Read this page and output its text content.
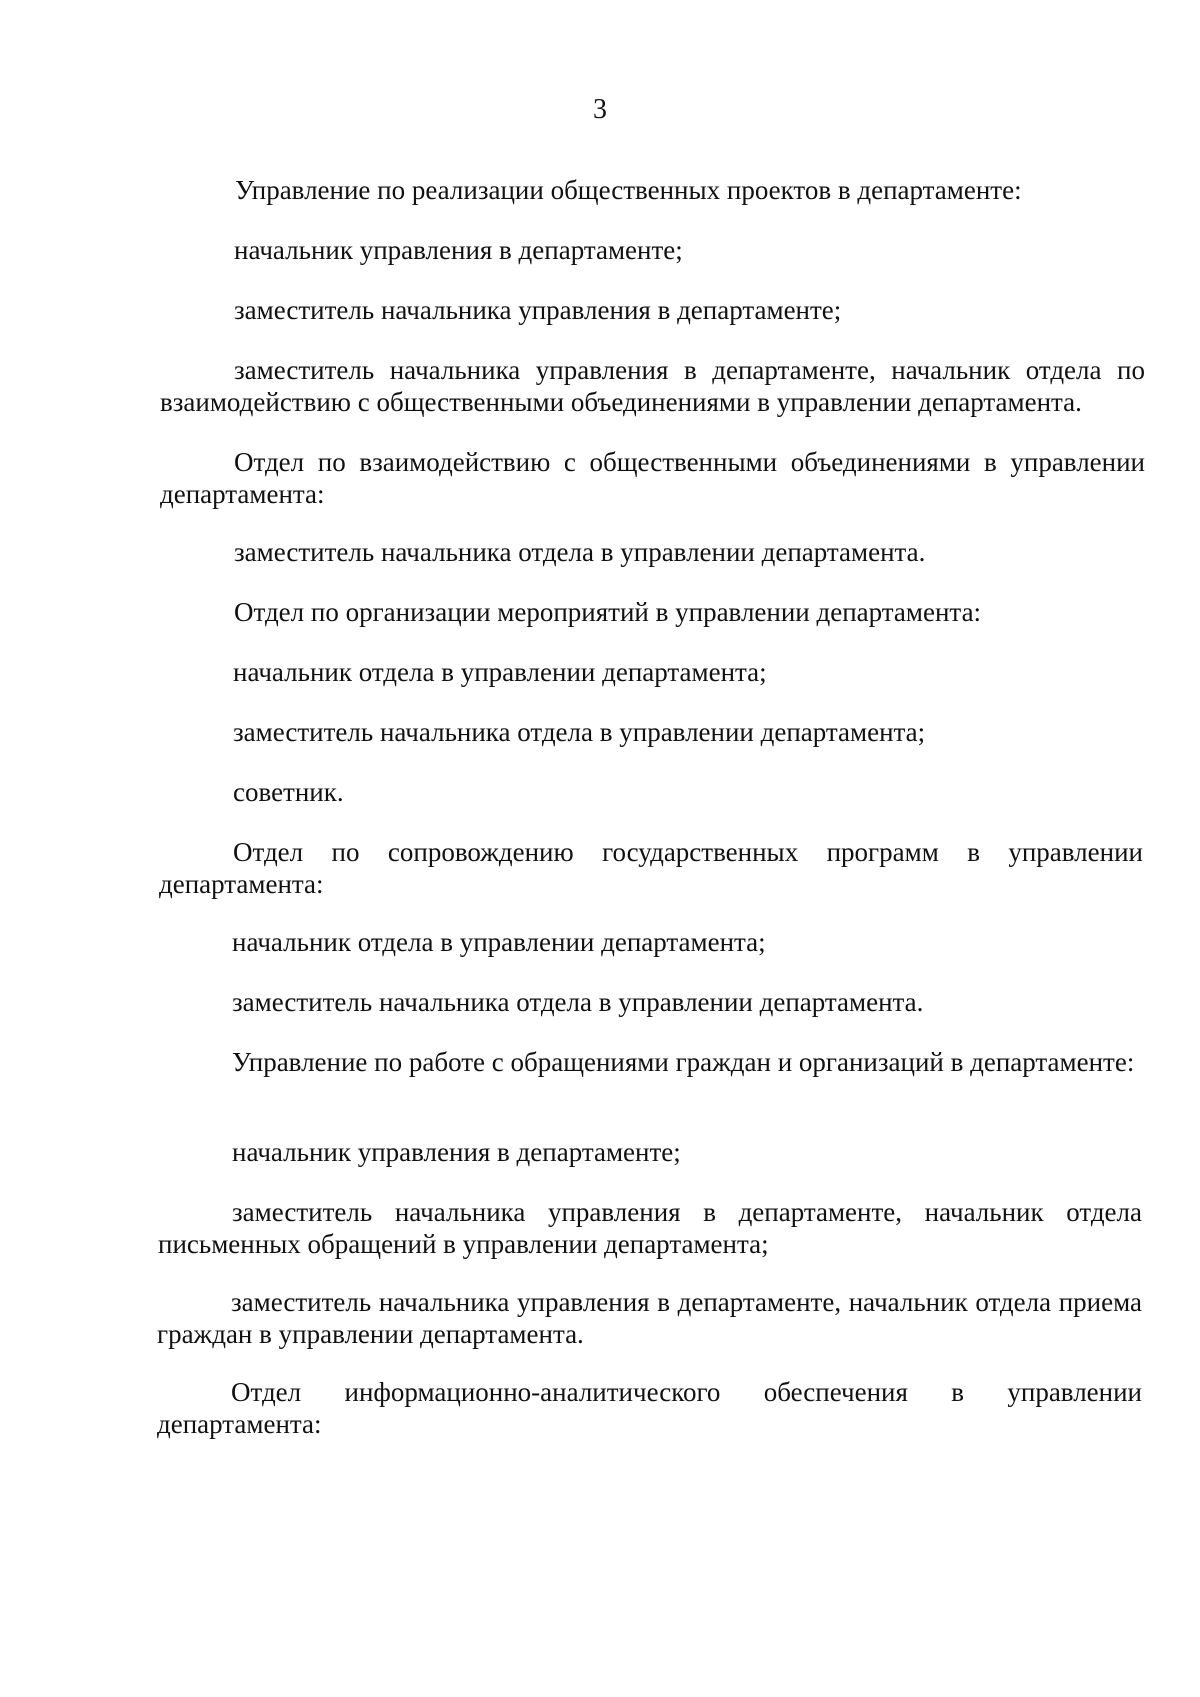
3
Управление по реализации общественных проектов в департаменте:
начальник управления в департаменте;
заместитель начальника управления в департаменте;
заместитель начальника управления в департаменте, начальник отдела по взаимодействию с общественными объединениями в управлении департамента.
Отдел по взаимодействию с общественными объединениями в управлении департамента:
заместитель начальника отдела в управлении департамента.
Отдел по организации мероприятий в управлении департамента:
начальник отдела в управлении департамента;
заместитель начальника отдела в управлении департамента;
советник.
Отдел по сопровождению государственных программ в управлении департамента:
начальник отдела в управлении департамента;
заместитель начальника отдела в управлении департамента.
Управление по работе с обращениями граждан и организаций в департаменте:
начальник управления в департаменте;
заместитель начальника управления в департаменте, начальник отдела письменных обращений в управлении департамента;
заместитель начальника управления в департаменте, начальник отдела приема граждан в управлении департамента.
Отдел информационно-аналитического обеспечения в управлении департамента:
